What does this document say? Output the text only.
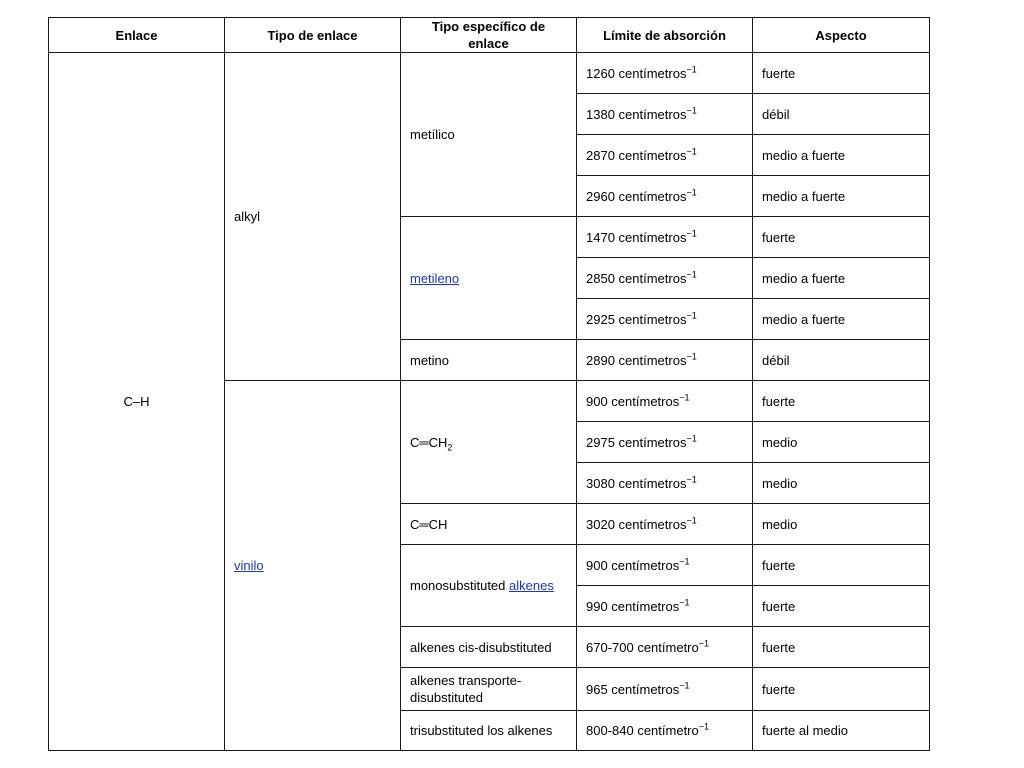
Enlace	Tipo de enlace	Tipo específico de enlace	Límite de absorción	Aspecto
C–H	alkyl	metílico	1260 centímetros$^{-1}$	fuerte
			1380 centímetros$^{-1}$	débil
			2870 centímetros$^{-1}$	medio a fuerte
			2960 centímetros$^{-1}$	medio a fuerte
		metileno	1470 centímetros$^{-1}$	fuerte
			2850 centímetros$^{-1}$	medio a fuerte
			2925 centímetros$^{-1}$	medio a fuerte
		metino	2890 centímetros$^{-1}$	débil
	vinilo	$C═CH_2$	900 centímetros$^{-1}$	fuerte
			2975 centímetros$^{-1}$	medio
			3080 centímetros$^{-1}$	medio
		C═CH	3020 centímetros$^{-1}$	medio
		monosubstituted alkenes	900 centímetros$^{-1}$	fuerte
			990 centímetros$^{-1}$	fuerte
		alkenes cis-disubstituted	670-700 centímetro$^{-1}$	fuerte
		alkenes transporte-disubstituted	965 centímetros$^{-1}$	fuerte
		trisubstituted los alkenes	800-840 centímetro$^{-1}$	fuerte al medio
